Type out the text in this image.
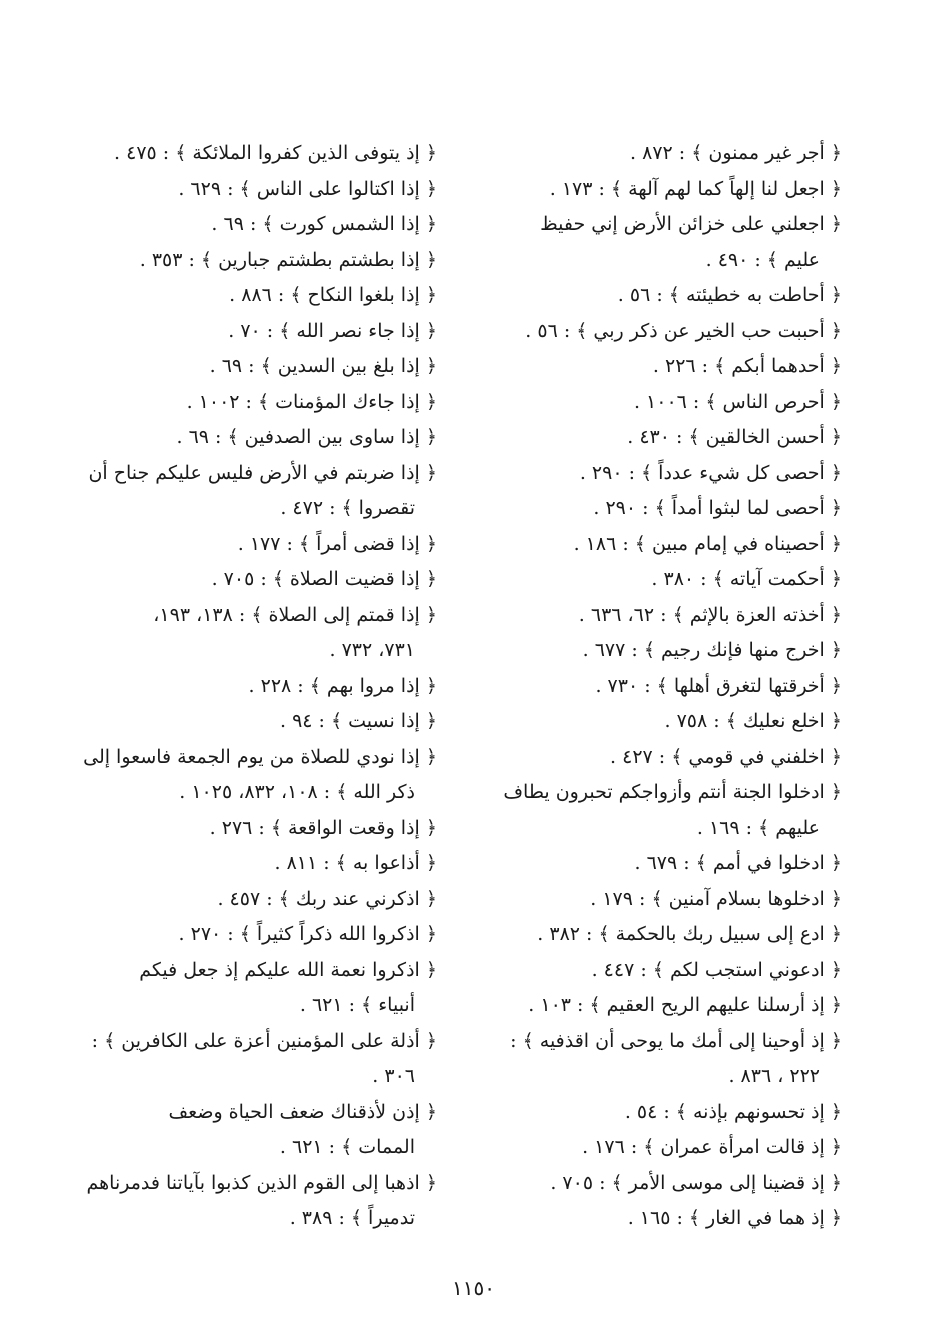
﴿ أجر غير ممنون ﴾ : ٨٧٢ .
﴿ اجعل لنا إلهاً كما لهم آلهة ﴾ : ١٧٣ .
﴿ اجعلني على خزائن الأرض إني حفيظ
عليم ﴾ : ٤٩٠ .
﴿ أحاطت به خطيئته ﴾ : ٥٦ .
﴿ أحببت حب الخير عن ذكر ربي ﴾ : ٥٦ .
﴿ أحدهما أبكم ﴾ : ٢٢٦ .
﴿ أحرص الناس ﴾ : ١٠٠٦ .
﴿ أحسن الخالقين ﴾ : ٤٣٠ .
﴿ أحصى كل شيء عدداً ﴾ : ٢٩٠ .
﴿ أحصى لما لبثوا أمداً ﴾ : ٢٩٠ .
﴿ أحصيناه في إمام مبين ﴾ : ١٨٦ .
﴿ أحكمت آياته ﴾ : ٣٨٠ .
﴿ أخذته العزة بالإثم ﴾ : ٦٢، ٦٣٦ .
﴿ اخرج منها فإنك رجيم ﴾ : ٦٧٧ .
﴿ أخرقتها لتغرق أهلها ﴾ : ٧٣٠ .
﴿ اخلع نعليك ﴾ : ٧٥٨ .
﴿ اخلفني في قومي ﴾ : ٤٢٧ .
﴿ ادخلوا الجنة أنتم وأزواجكم تحبرون يطاف
عليهم ﴾ : ١٦٩ .
﴿ ادخلوا في أمم ﴾ : ٦٧٩ .
﴿ ادخلوها بسلام آمنين ﴾ : ١٧٩ .
﴿ ادع إلى سبيل ربك بالحكمة ﴾ : ٣٨٢ .
﴿ ادعوني استجب لكم ﴾ : ٤٤٧ .
﴿ إذ أرسلنا عليهم الريح العقيم ﴾ : ١٠٣ .
﴿ إذ أوحينا إلى أمك ما يوحى أن اقذفيه ﴾ :
٢٢٢ ، ٨٣٦ .
﴿ إذ تحسونهم بإذنه ﴾ : ٥٤ .
﴿ إذ قالت امرأة عمران ﴾ : ١٧٦ .
﴿ إذ قضينا إلى موسى الأمر ﴾ : ٧٠٥ .
﴿ إذ هما في الغار ﴾ : ١٦٥ .
﴿ إذ يتوفى الذين كفروا الملائكة ﴾ : ٤٧٥ .
﴿ إذا اكتالوا على الناس ﴾ : ٦٢٩ .
﴿ إذا الشمس كورت ﴾ : ٦٩ .
﴿ إذا بطشتم بطشتم جبارين ﴾ : ٣٥٣ .
﴿ إذا بلغوا النكاح ﴾ : ٨٨٦ .
﴿ إذا جاء نصر الله ﴾ : ٧٠ .
﴿ إذا بلغ بين السدين ﴾ : ٦٩ .
﴿ إذا جاءك المؤمنات ﴾ : ١٠٠٢ .
﴿ إذا ساوى بين الصدفين ﴾ : ٦٩ .
﴿ إذا ضربتم في الأرض فليس عليكم جناح أن
تقصروا ﴾ : ٤٧٢ .
﴿ إذا قضى أمراً ﴾ : ١٧٧ .
﴿ إذا قضيت الصلاة ﴾ : ٧٠٥ .
﴿ إذا قمتم إلى الصلاة ﴾ : ١٣٨، ١٩٣،
٧٣١، ٧٣٢ .
﴿ إذا مروا بهم ﴾ : ٢٢٨ .
﴿ إذا نسيت ﴾ : ٩٤ .
﴿ إذا نودي للصلاة من يوم الجمعة فاسعوا إلى
ذكر الله ﴾ : ١٠٨، ٨٣٢، ١٠٢٥ .
﴿ إذا وقعت الواقعة ﴾ : ٢٧٦ .
﴿ أذاعوا به ﴾ : ٨١١ .
﴿ اذكرني عند ربك ﴾ : ٤٥٧ .
﴿ اذكروا الله ذكراً كثيراً ﴾ : ٢٧٠ .
﴿ اذكروا نعمة الله عليكم إذ جعل فيكم
أنبياء ﴾ : ٦٢١ .
﴿ أذلة على المؤمنين أعزة على الكافرين ﴾ :
٣٠٦ .
﴿ إذن لأذقناك ضعف الحياة وضعف
الممات ﴾ : ٦٢١ .
﴿ اذهبا إلى القوم الذين كذبوا بآياتنا فدمرناهم
تدميراً ﴾ : ٣٨٩ .
١١٥٠
